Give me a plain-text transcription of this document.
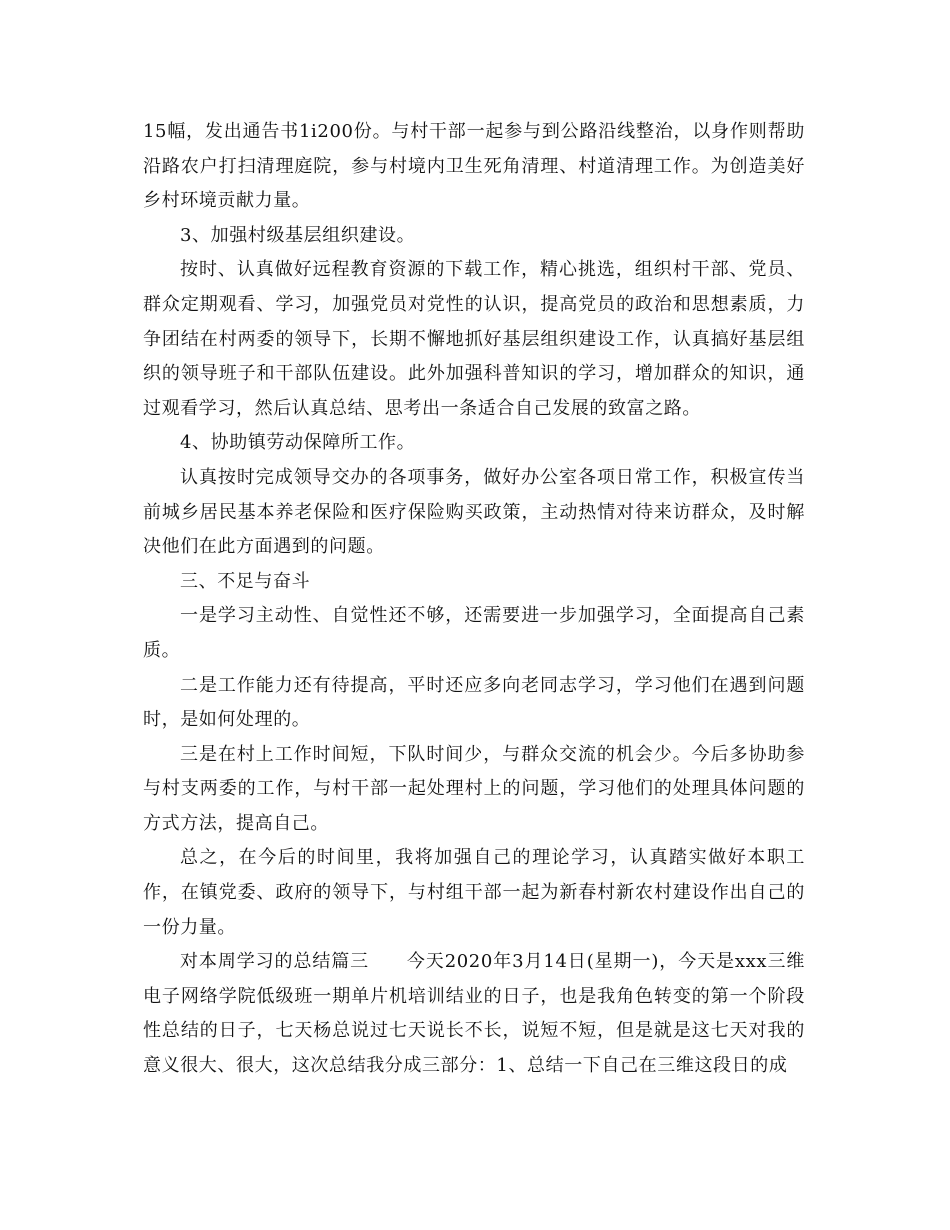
15幅，发出通告书1i200份。与村干部一起参与到公路沿线整治，以身作则帮助沿路农户打扫清理庭院，参与村境内卫生死角清理、村道清理工作。为创造美好乡村环境贡献力量。

3、加强村级基层组织建设。

按时、认真做好远程教育资源的下载工作，精心挑选，组织村干部、党员、群众定期观看、学习，加强党员对党性的认识，提高党员的政治和思想素质，力争团结在村两委的领导下，长期不懈地抓好基层组织建设工作，认真搞好基层组织的领导班子和干部队伍建设。此外加强科普知识的学习，增加群众的知识，通过观看学习，然后认真总结、思考出一条适合自己发展的致富之路。

4、协助镇劳动保障所工作。

认真按时完成领导交办的各项事务，做好办公室各项日常工作，积极宣传当前城乡居民基本养老保险和医疗保险购买政策，主动热情对待来访群众，及时解决他们在此方面遇到的问题。

三、不足与奋斗

一是学习主动性、自觉性还不够，还需要进一步加强学习，全面提高自己素质。

二是工作能力还有待提高，平时还应多向老同志学习，学习他们在遇到问题时，是如何处理的。

三是在村上工作时间短，下队时间少，与群众交流的机会少。今后多协助参与村支两委的工作，与村干部一起处理村上的问题，学习他们的处理具体问题的方式方法，提高自己。

总之，在今后的时间里，我将加强自己的理论学习，认真踏实做好本职工作，在镇党委、政府的领导下，与村组干部一起为新春村新农村建设作出自己的一份力量。

对本周学习的总结篇三　　今天2020年3月14日(星期一)，今天是xxx三维电子网络学院低级班一期单片机培训结业的日子，也是我角色转变的第一个阶段性总结的日子，七天杨总说过七天说长不长，说短不短，但是就是这七天对我的意义很大、很大，这次总结我分成三部分：1、总结一下自己在三维这段日的成
